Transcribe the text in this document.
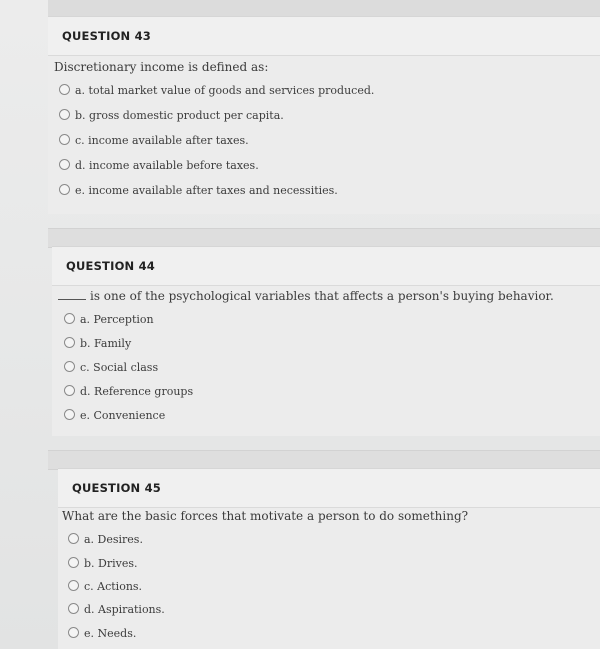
QUESTION 43
Discretionary income is defined as:
a. total market value of goods and services produced.
b. gross domestic product per capita.
c. income available after taxes.
d. income available before taxes.
e. income available after taxes and necessities.
QUESTION 44
is one of the psychological variables that affects a person's buying behavior.
a. Perception
b. Family
c. Social class
d. Reference groups
e. Convenience
QUESTION 45
What are the basic forces that motivate a person to do something?
a. Desires.
b. Drives.
c. Actions.
d. Aspirations.
e. Needs.
